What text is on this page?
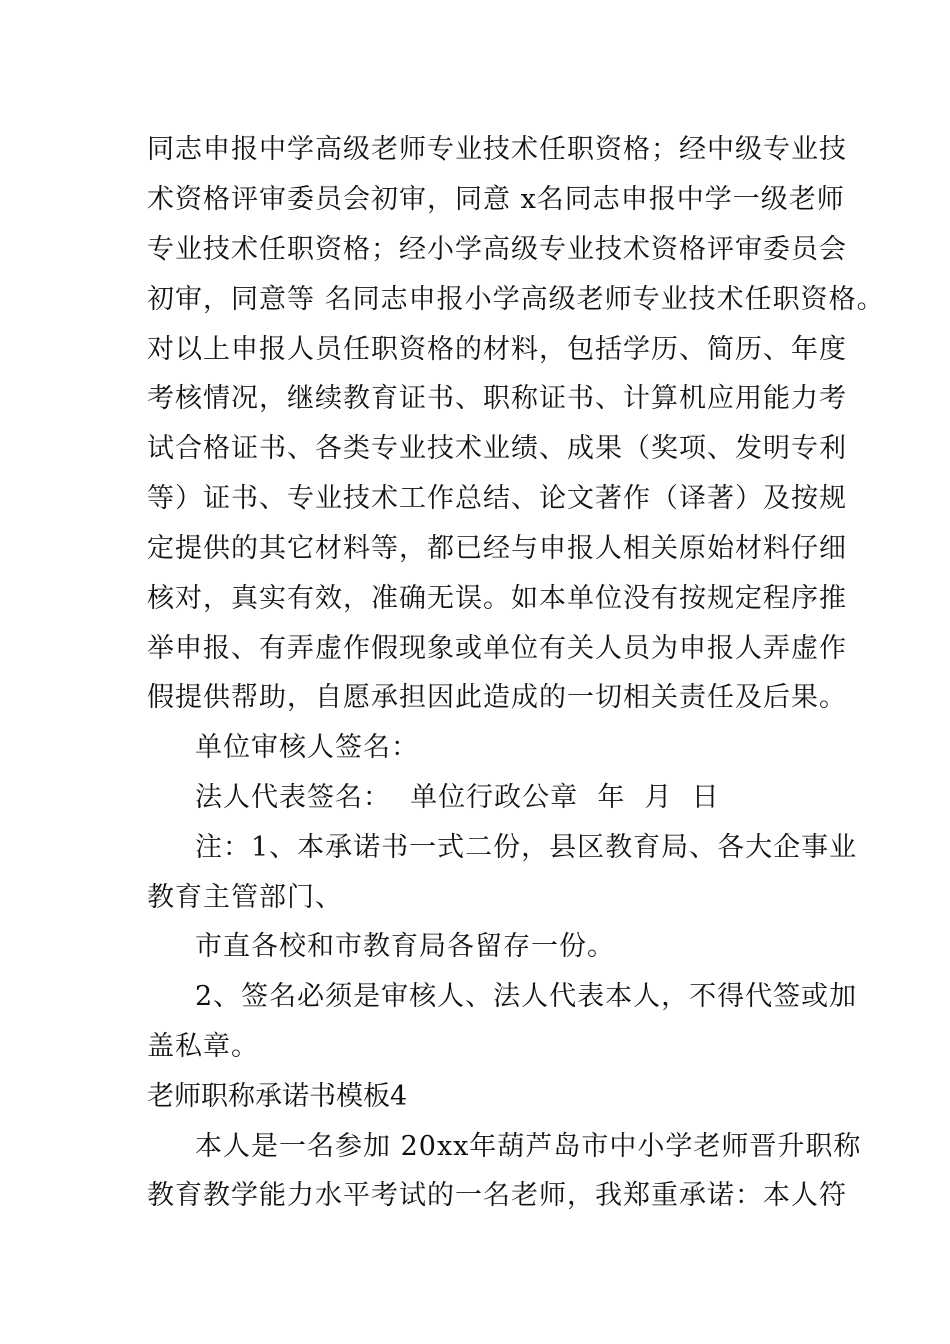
同志申报中学高级老师专业技术任职资格；经中级专业技
术资格评审委员会初审，同意 x名同志申报中学一级老师
专业技术任职资格；经小学高级专业技术资格评审委员会
初审，同意等 名同志申报小学高级老师专业技术任职资格。
对以上申报人员任职资格的材料，包括学历、简历、年度
考核情况，继续教育证书、职称证书、计算机应用能力考
试合格证书、各类专业技术业绩、成果（奖项、发明专利
等）证书、专业技术工作总结、论文著作（译著）及按规
定提供的其它材料等，都已经与申报人相关原始材料仔细
核对，真实有效，准确无误。如本单位没有按规定程序推
举申报、有弄虚作假现象或单位有关人员为申报人弄虚作
假提供帮助，自愿承担因此造成的一切相关责任及后果。
单位审核人签名：
法人代表签名：  单位行政公章  年  月  日
注：1、本承诺书一式二份，县区教育局、各大企事业
教育主管部门、
市直各校和市教育局各留存一份。
2、签名必须是审核人、法人代表本人，不得代签或加
盖私章。
老师职称承诺书模板4
本人是一名参加 20xx年葫芦岛市中小学老师晋升职称
教育教学能力水平考试的一名老师，我郑重承诺：本人符
